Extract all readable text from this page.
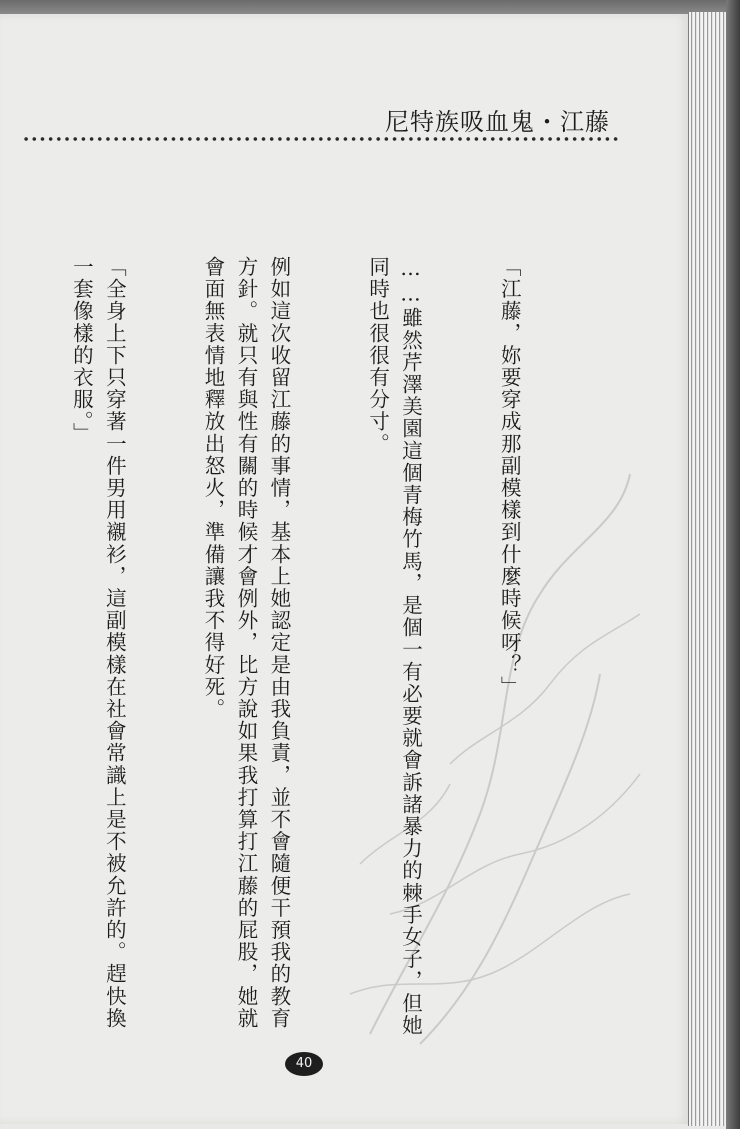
尼特族吸血鬼・江藤

「江藤，妳要穿成那副模樣到什麼時候呀？」

……雖然芹澤美園這個青梅竹馬，是個一有必要就會訴諸暴力的棘手女子，但她同時也很很有分寸。

例如這次收留江藤的事情，基本上她認定是由我負責，並不會隨便干預我的教育方針。就只有與性有關的時候才會例外，比方說如果我打算打江藤的屁股，她就會面無表情地釋放出怒火，準備讓我不得好死。

「全身上下只穿著一件男用襯衫，這副模樣在社會常識上是不被允許的。趕快換一套像樣的衣服。」

40
